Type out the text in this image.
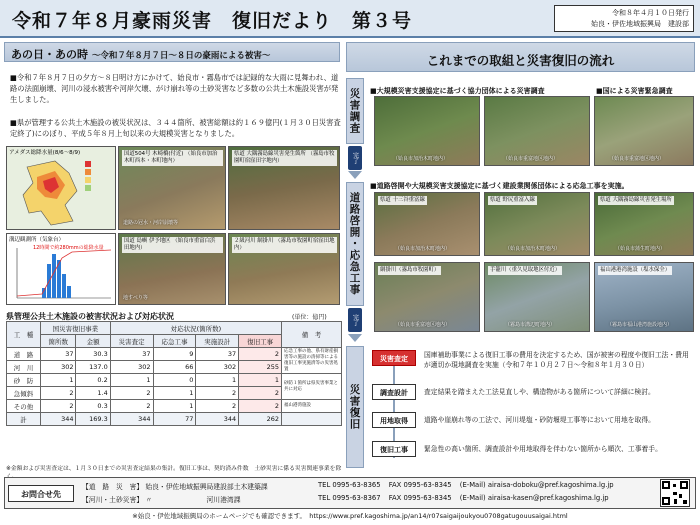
令和７年８月豪雨災害　復旧だより　第３号	令和８年４月１０日発行
始良・伊佐地域振興局　建設部
あの日・あの時 ～令和７年８月７日～８日の豪雨による被害～
■令和７年８月７日の夕方～８日明け方にかけて、始良市・霧島市では記録的な大雨に見舞われ、道路の法面崩壊、河川の浸水被害や河岸欠壊、がけ崩れ等の土砂災害など多数の公共土木施設災害が発生しました。
■県が管理する公共土木施設の被災状況は、３４４箇所、被害総額は約１６９億円(１月３０日災害査定終了)にのぼり、平成５年８月上旬以来の大規模災害となりました。
アメダス総降水量(8/6～8/9)	国道504号 木崎橋(付近) （始良市加治木町西本・本町地内）
道路の冠水・河岸崩壊等
県道 大隅霧島線災害発生箇所 （霧島市牧園町宿窪田字地内）
溝辺観測所（気象台）
12時間で約280mmの総降水量
国道 島嶼 伊予地区 （始良市重富白浜田地内）
地すべり等
２級河川 網掛川 （霧島市牧園町宿窪田地内）
県管理公共土木施設の被害状況および対応状況	(単位：億円)
工　種	国災害復旧事業		対応状況(箇所数)				備　考
	箇所数	金額	災害査定	応急工事	実施設計	復旧工事	
道　路	37	30.3	37	9	37	2	応急工事の他、県有財産損害等の施設の清掃等による復旧工事実施済等の災害処置
河　川	302	137.0	302	66	302	255	
砂　防	1	0.2	1	0	1	1	砂防１箇所は県災害事業と共に対応
急傾斜	2	1.4	2	1	2	2	
その他	2	0.3	2	1	2	2	福山港湾施設
計	344	169.3	344	77	344	262	
※金額および災害査定は、１月３０日までの災害査定結果の集計。復旧工事は、契約済み件数　土砂災害に係る災害関連事業を除
これまでの取組と災害復旧の流れ
災害調査
完了
道路啓開・応急工事
完了
災害復旧
■大規模災害支援協定に基づく協力団体による災害調査	■国による災害緊急調査
（姶良市加治木町地内）	（始良市重富地区地内）	（始良市重富地区地内）
■道路啓開や大規模災害支援協定に基づく建設業関係団体による応急工事を実施。
県道 十三谷重富線
（始良市加治木町地内）
県道 野尻重富入線
（始良市加治木町地内）
県道 大隅霧島線災害発生場所
（始良市蒲生町地内）
網掛川（霧島市牧園町）
（始良市重富地区地内）
手籠川（重久見取地区付近）
（霧島市溝辺町地内）
福山港港湾施設（塩水保全）
（霧島市福山港湾施設地内）
災害査定	国庫補助事業による復旧工事の費用を決定するため、国が被害の程度や復旧工法・費用が適切か現地調査を実施（令和７年１０月２７日～令和８年１月３０日）
調査設計	査定結果を踏まえた工法見直しや、構造物がある箇所について詳細に検討。
用地取得	道路や崖崩れ等の工法で、河川堤塩・砂防堰堤工事等において用地を取得。
復旧工事	緊急性の高い箇所、調査設計や用地取得を伴わない箇所から順次、工事着手。
お問合せ先
【道　路　災　害】 始良・伊佐地域振興局建設部土木建築課	TEL 0995-63-8365 FAX 0995-63-8345 (E-Mail) airaisa-doboku@pref.kagoshima.lg.jp
【河川・土砂災害】 〃　　　　　　　　河川港湾課	TEL 0995-63-8367 FAX 0995-63-8345 (E-Mail) airaisa-kasen@pref.kagoshima.lg.jp
※始良・伊佐地域振興局のホームページでも確認できます。　https://www.pref.kagoshima.jp/an14/r07saigaijoukyou0708gatugouusaigai.html
